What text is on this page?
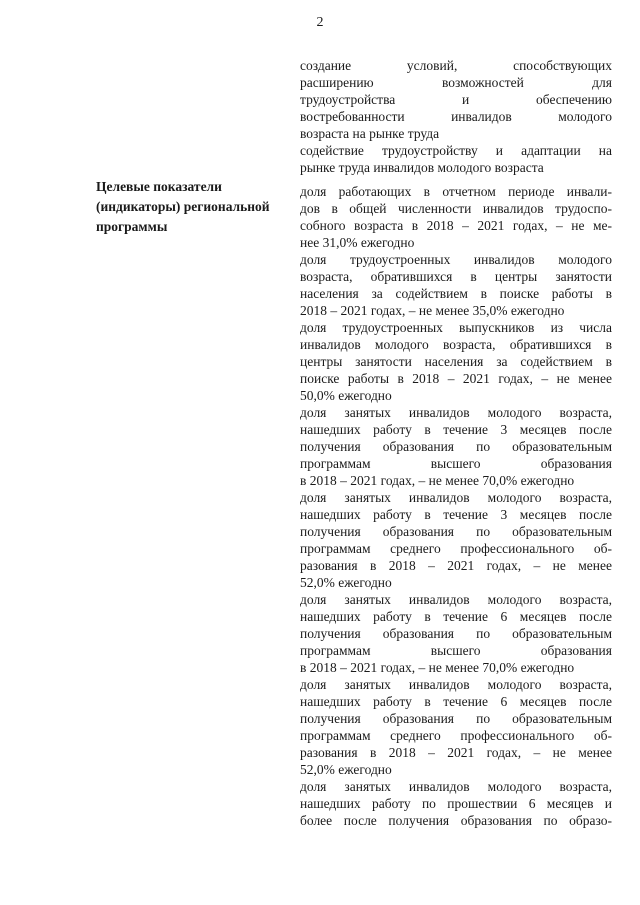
2
создание условий, способствующих
расширению возможностей для
трудоустройства и обеспечению
востребованности инвалидов молодого
возраста на рынке труда
содействие трудоустройству и адаптации на
рынке труда инвалидов молодого возраста
Целевые показатели
(индикаторы) региональной
программы
доля работающих в отчетном периоде инвали-
дов в общей численности инвалидов трудоспо-
собного возраста в 2018 – 2021 годах, – не ме-
нее 31,0% ежегодно
доля трудоустроенных инвалидов молодого
возраста, обратившихся в центры занятости
населения за содействием в поиске работы в
2018 – 2021 годах, – не менее 35,0% ежегодно
доля трудоустроенных выпускников из числа
инвалидов молодого возраста, обратившихся в
центры занятости населения за содействием в
поиске работы в 2018 – 2021 годах, – не менее
50,0% ежегодно
доля занятых инвалидов молодого возраста,
нашедших работу в течение 3 месяцев после
получения образования по образовательным
программам высшего образования
в 2018 – 2021 годах, – не менее 70,0% ежегодно
доля занятых инвалидов молодого возраста,
нашедших работу в течение 3 месяцев после
получения образования по образовательным
программам среднего профессионального об-
разования в 2018 – 2021 годах, – не менее
52,0% ежегодно
доля занятых инвалидов молодого возраста,
нашедших работу в течение 6 месяцев после
получения образования по образовательным
программам высшего образования
в 2018 – 2021 годах, – не менее 70,0% ежегодно
доля занятых инвалидов молодого возраста,
нашедших работу в течение 6 месяцев после
получения образования по образовательным
программам среднего профессионального об-
разования в 2018 – 2021 годах, – не менее
52,0% ежегодно
доля занятых инвалидов молодого возраста,
нашедших работу по прошествии 6 месяцев и
более после получения образования по образо-
